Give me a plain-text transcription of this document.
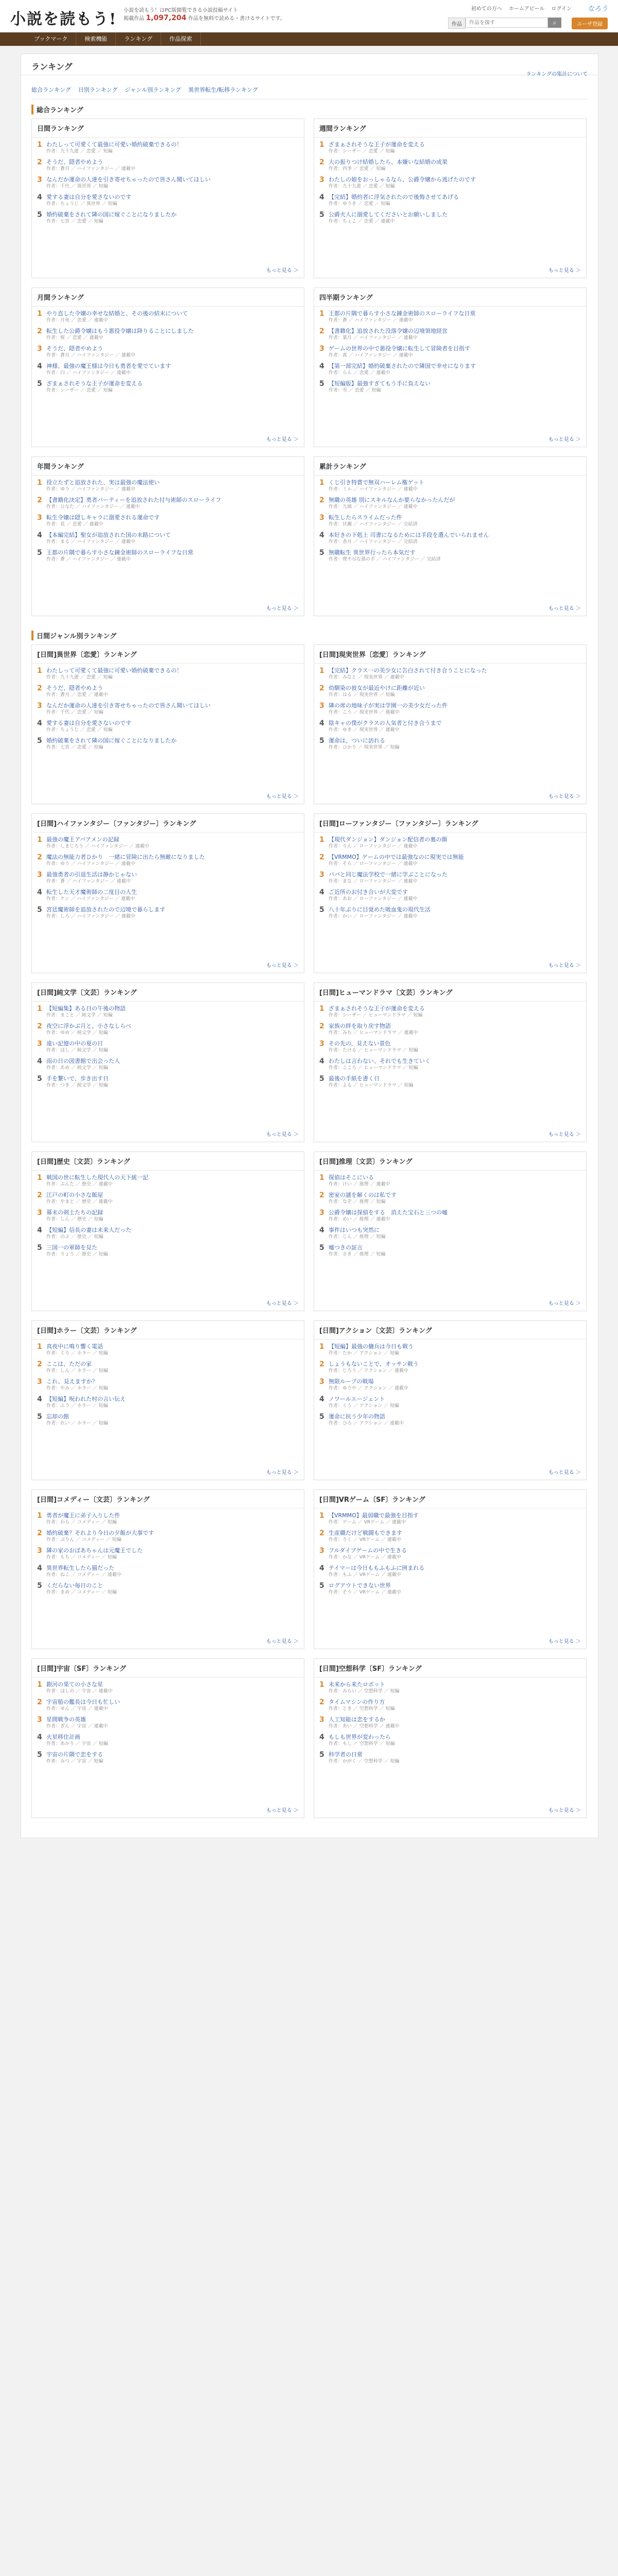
小説を読もう! 小説を読もう！はPC版閲覧できる小説投稿サイト
掲載作品 1,097,204 作品を無料で読める・書けるサイトです。
初めての方へ ホームアピール ログイン なろう
作品
作品を探す	⌕	ユーザ登録
ブックマーク	検索機能	ランキング	作品探索
ランキング
ランキングの集計について
総合ランキング	日別ランキング	ジャンル別ランキング	異世界転生/転移ランキング
総合ランキング
日間ランキング
1 わたしって可愛くて最強に可愛い婚約破棄できるの！
作者：九十九遊 ／ 恋愛 ／ 短編
2 そうだ、隠者やめよう
作者：蒼月 ／ ハイファンタジー ／ 連載中
3 なんだか運命の人達を引き寄せちゃったので皆さん聞いてほしい
作者：千代 ／ 異世界 ／ 短編
4 愛する妻は自分を愛さないのです
作者：ちょうじ ／ 異世界 ／ 短編
5 婚約破棄をされて隣の国に嫁ぐことになりましたか
作者：七宮 ／ 恋愛 ／ 短編
もっと見る ＞
週間ランキング
1 ざまぁされそうな王子が運命を変える
作者：シーザー ／ 恋愛 ／ 短編
2 大の振りつけ結婚したら、本嫌いな結婚の成果
作者：四季 ／ 恋愛 ／ 短編
3 わたしの娘をおっしゃるなら、公爵令嬢から逃げたのです
作者：九十九遊 ／ 恋愛 ／ 短編
4 【完結】婚約者に浮気されたので後悔させてあげる
作者：ゆうき ／ 恋愛 ／ 短編
5 公爵夫人に溺愛してくださいとお願いしました
作者：ちょこ ／ 恋愛 ／ 連載中
もっと見る ＞
月間ランキング
1 やり直した令嬢の幸せな結婚と、その後の結末について
作者：月夜 ／ 恋愛 ／ 連載中
2 転生した公爵令嬢はもう悪役令嬢は降りることにしました
作者：桜 ／ 恋愛 ／ 連載中
3 そうだ、隠者やめよう
作者：蒼月 ／ ハイファンタジー ／ 連載中
4 神様、最強の魔王様は今日も勇者を愛でています
作者：白 ／ ハイファンタジー ／ 連載中
5 ざまぁされそうな王子が運命を変える
作者：シーザー ／ 恋愛 ／ 短編
もっと見る ＞
四半期ランキング
1 王都の片隅で暮らす小さな錬金術師のスローライフな日常
作者：蒼 ／ ハイファンタジー ／ 連載中
2 【書籍化】追放された没落令嬢の辺境領地経営
作者：葉月 ／ ハイファンタジー ／ 連載中
3 ゲームの世界の中で悪役令嬢に転生して冒険者を目指す
作者：真 ／ ハイファンタジー ／ 連載中
4 【第一部完結】婚約破棄されたので隣国で幸せになります
作者：らん ／ 恋愛 ／ 連載中
5 【短編版】最強すぎてもう手に負えない
作者：雪 ／ 恋愛 ／ 短編
もっと見る ＞
年間ランキング
1 役立たずと追放された、実は最強の魔法使い
作者：ゆう ／ ハイファンタジー ／ 連載中
2 【書籍化決定】勇者パーティーを追放された付与術師のスローライフ
作者：ひなた ／ ハイファンタジー ／ 連載中
3 転生令嬢は隠しキャラに溺愛される運命です
作者：花 ／ 恋愛 ／ 連載中
4 【本編完結】聖女が追放された国の末路について
作者：まる ／ ハイファンタジー ／ 連載中
5 王都の片隅で暮らす小さな錬金術師のスローライフな日常
作者：蒼 ／ ハイファンタジー ／ 連載中
もっと見る ＞
累計ランキング
1 くじ引き特賞で無双ハーレム権ゲット
作者：ミル ／ ハイファンタジー ／ 連載中
2 無職の英雄 別にスキルなんか要らなかったんだが
作者：九頭 ／ ハイファンタジー ／ 連載中
3 転生したらスライムだった件
作者：伏瀬 ／ ハイファンタジー ／ 完結済
4 本好きの下剋上 司書になるためには手段を選んでいられません
作者：香月 ／ ハイファンタジー ／ 完結済
5 無職転生 異世界行ったら本気だす
作者：理不尽な孫の手 ／ ハイファンタジー ／ 完結済
もっと見る ＞
日間ジャンル別ランキング
[日間]異世界〔恋愛〕ランキング
1 わたしって可愛くて最強に可愛い婚約破棄できるの！
作者：九十九遊 ／ 恋愛 ／ 短編
2 そうだ、隠者やめよう
作者：蒼月 ／ 恋愛 ／ 連載中
3 なんだか運命の人達を引き寄せちゃったので皆さん聞いてほしい
作者：千代 ／ 恋愛 ／ 短編
4 愛する妻は自分を愛さないのです
作者：ちょうじ ／ 恋愛 ／ 短編
5 婚約破棄をされて隣の国に嫁ぐことになりましたか
作者：七宮 ／ 恋愛 ／ 短編
もっと見る ＞
[日間]現実世界〔恋愛〕ランキング
1 【完結】クラス一の美少女に告白されて付き合うことになった
作者：みなと ／ 現実世界 ／ 連載中
2 幼馴染の彼女が最近やけに距離が近い
作者：はる ／ 現実世界 ／ 短編
3 隣の席の地味子が実は学園一の美少女だった件
作者：こう ／ 現実世界 ／ 連載中
4 陰キャの僕がクラスの人気者と付き合うまで
作者：ゆき ／ 現実世界 ／ 連載中
5 運命は、ついに訪れる
作者：ひかり ／ 現実世界 ／ 短編
もっと見る ＞
[日間]ハイファンタジー〔ファンタジー〕ランキング
1 最強の魔王アバアメンの記録
作者：しまじろう ／ ハイファンタジー ／ 連載中
2 魔法の無能力者ひかり　一緒に冒険に出たら無敵になりました
作者：ゆう ／ ハイファンタジー ／ 連載中
3 最強勇者の引退生活は静かじゃない
作者：蒼 ／ ハイファンタジー ／ 連載中
4 転生した天才魔術師の二度目の人生
作者：ケン ／ ハイファンタジー ／ 連載中
5 宮廷魔術師を追放されたので辺境で暮らします
作者：しろ ／ ハイファンタジー ／ 連載中
もっと見る ＞
[日間]ローファンタジー〔ファンタジー〕ランキング
1 【現代ダンジョン】ダンジョン配信者の裏の顔
作者：りん ／ ローファンタジー ／ 連載中
2 【VRMMO】ゲームの中では最強なのに現実では無能
作者：そら ／ ローファンタジー ／ 連載中
3 ババと同じ魔法学校で一緒に学ぶことになった
作者：まな ／ ローファンタジー ／ 連載中
4 ご近所のお付き合いが大変です
作者：あお ／ ローファンタジー ／ 連載中
5 八十年ぶりに目覚めた吸血鬼の現代生活
作者：かい ／ ローファンタジー ／ 連載中
もっと見る ＞
[日間]純文学〔文芸〕ランキング
1 【短編集】ある日の午後の物語
作者：まこと ／ 純文学 ／ 短編
2 夜空に浮かぶ月と、小さなしらべ
作者：ゆめ ／ 純文学 ／ 短編
3 遠い記憶の中の夏の日
作者：ほし ／ 純文学 ／ 短編
4 雨の日の図書館で出会った人
作者：あめ ／ 純文学 ／ 短編
5 手を繋いで、歩き出す日
作者：つき ／ 純文学 ／ 短編
もっと見る ＞
[日間]ヒューマンドラマ〔文芸〕ランキング
1 ざまぁされそうな王子が運命を変える
作者：シーザー ／ ヒューマンドラマ ／ 短編
2 家族の絆を取り戻す物語
作者：みち ／ ヒューマンドラマ ／ 連載中
3 その先の、見えない景色
作者：たける ／ ヒューマンドラマ ／ 短編
4 わたしは言わない、それでも生きていく
作者：こころ ／ ヒューマンドラマ ／ 短編
5 最後の手紙を書く日
作者：よる ／ ヒューマンドラマ ／ 短編
もっと見る ＞
[日間]歴史〔文芸〕ランキング
1 戦国の世に転生した現代人の天下統一記
作者：ぶんた ／ 歴史 ／ 連載中
2 江戸の町の小さな飯屋
作者：やまと ／ 歴史 ／ 連載中
3 幕末の剣士たちの記録
作者：しん ／ 歴史 ／ 短編
4 【短編】信長の妻は未来人だった
作者：のぶ ／ 歴史 ／ 短編
5 三国一の軍師を見た
作者：りょう ／ 歴史 ／ 短編
もっと見る ＞
[日間]推理〔文芸〕ランキング
1 探偵はそこにいる
作者：けい ／ 推理 ／ 連載中
2 密室の謎を解くのは私です
作者：なぞ ／ 推理 ／ 短編
3 公爵令嬢は探偵をする　消えた宝石と三つの嘘
作者：めい ／ 推理 ／ 連載中
4 事件はいつも突然に
作者：じん ／ 推理 ／ 短編
5 嘘つきの証言
作者：さき ／ 推理 ／ 短編
もっと見る ＞
[日間]ホラー〔文芸〕ランキング
1 真夜中に鳴り響く電話
作者：くろ ／ ホラー ／ 短編
2 ここは、ただの家
作者：しん ／ ホラー ／ 短編
3 これ、見えますか？
作者：やみ ／ ホラー ／ 短編
4 【短編】呪われた村の言い伝え
作者：ふう ／ ホラー ／ 短編
5 忘却の館
作者：れい ／ ホラー ／ 短編
もっと見る ＞
[日間]アクション〔文芸〕ランキング
1 【短編】最強の傭兵は今日も戦う
作者：たか ／ アクション ／ 短編
2 しょうもないことで、オッサン戦う
作者：じろう ／ アクション ／ 連載中
3 無限ループの戦場
作者：ゆうや ／ アクション ／ 連載中
4 ノワールエージェント
作者：くう ／ アクション ／ 短編
5 運命に抗う少年の物語
作者：ひろ ／ アクション ／ 連載中
もっと見る ＞
[日間]コメディー〔文芸〕ランキング
1 勇者が魔王に弟子入りした件
作者：わら ／ コメディー ／ 短編
2 婚約破棄？それより今日の夕飯が大事です
作者：ぷりん ／ コメディー ／ 短編
3 隣の家のおばあちゃんは元魔王でした
作者：もち ／ コメディー ／ 短編
4 異世界転生したら猫だった
作者：ねこ ／ コメディー ／ 連載中
5 くだらない毎日のこと
作者：まめ ／ コメディー ／ 短編
もっと見る ＞
[日間]VRゲーム〔SF〕ランキング
1 【VRMMO】最弱職で最強を目指す
作者：ゲーム ／ VRゲーム ／ 連載中
2 生産職だけど戦闘もできます
作者：りく ／ VRゲーム ／ 連載中
3 フルダイブゲームの中で生きる
作者：かな ／ VRゲーム ／ 連載中
4 テイマーは今日ももふもふに囲まれる
作者：もふ ／ VRゲーム ／ 連載中
5 ログアウトできない世界
作者：そう ／ VRゲーム ／ 連載中
もっと見る ＞
[日間]宇宙〔SF〕ランキング
1 銀河の果ての小さな星
作者：ほしの ／ 宇宙 ／ 連載中
2 宇宙船の艦長は今日も忙しい
作者：せん ／ 宇宙 ／ 連載中
3 星間戦争の英雄
作者：ぎん ／ 宇宙 ／ 連載中
4 火星移住計画
作者：あかり ／ 宇宙 ／ 短編
5 宇宙の片隅で恋をする
作者：みつ ／ 宇宙 ／ 短編
もっと見る ＞
[日間]空想科学〔SF〕ランキング
1 未来から来たロボット
作者：みらい ／ 空想科学 ／ 短編
2 タイムマシンの作り方
作者：とき ／ 空想科学 ／ 短編
3 人工知能は恋をするか
作者：あい ／ 空想科学 ／ 連載中
4 もしも世界が変わったら
作者：もし ／ 空想科学 ／ 短編
5 科学者の日常
作者：かがく ／ 空想科学 ／ 短編
もっと見る ＞
